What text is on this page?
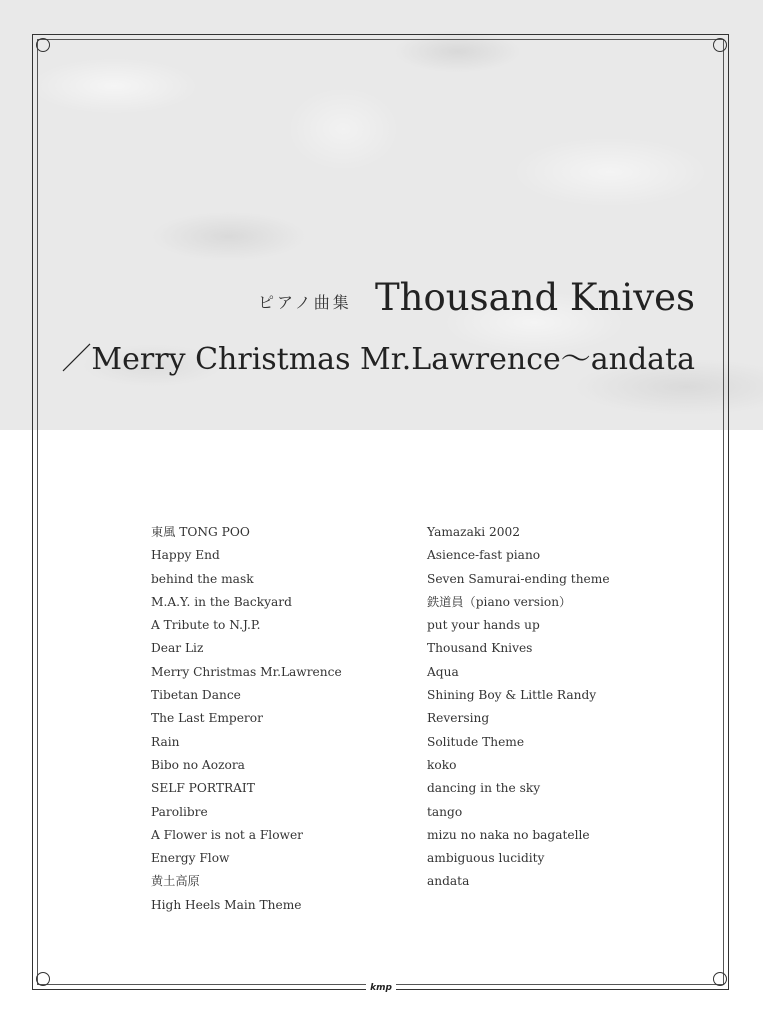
ピアノ曲集 Thousand Knives
／Merry Christmas Mr.Lawrence～andata
東風 TONG POO
Happy End
behind the mask
M.A.Y. in the Backyard
A Tribute to N.J.P.
Dear Liz
Merry Christmas Mr.Lawrence
Tibetan Dance
The Last Emperor
Rain
Bibo no Aozora
SELF PORTRAIT
Parolibre
A Flower is not a Flower
Energy Flow
黄土高原
High Heels Main Theme
Yamazaki 2002
Asience-fast piano
Seven Samurai-ending theme
鉄道員（piano version）
put your hands up
Thousand Knives
Aqua
Shining Boy & Little Randy
Reversing
Solitude Theme
koko
dancing in the sky
tango
mizu no naka no bagatelle
ambiguous lucidity
andata
kmp
